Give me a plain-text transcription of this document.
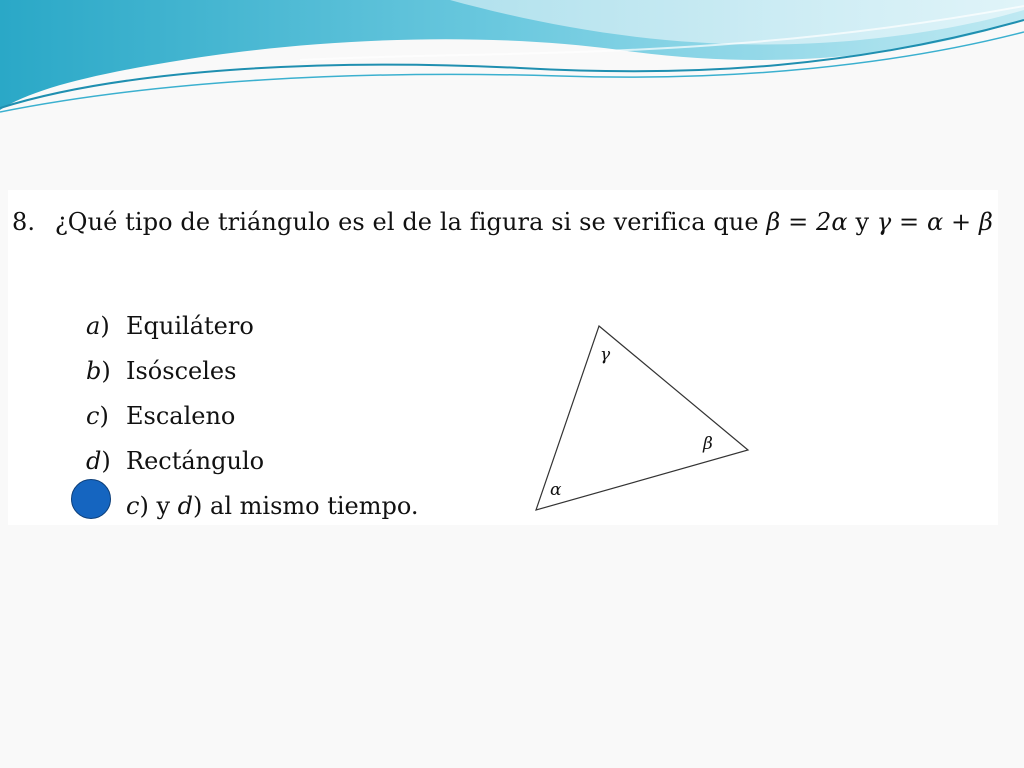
8. ¿Qué tipo de triángulo es el de la figura si se verifica que β = 2α y γ = α + β
a) Equilátero
b) Isósceles
c) Escaleno
d) Rectángulo
c) y d) al mismo tiempo.
γ
β
α
